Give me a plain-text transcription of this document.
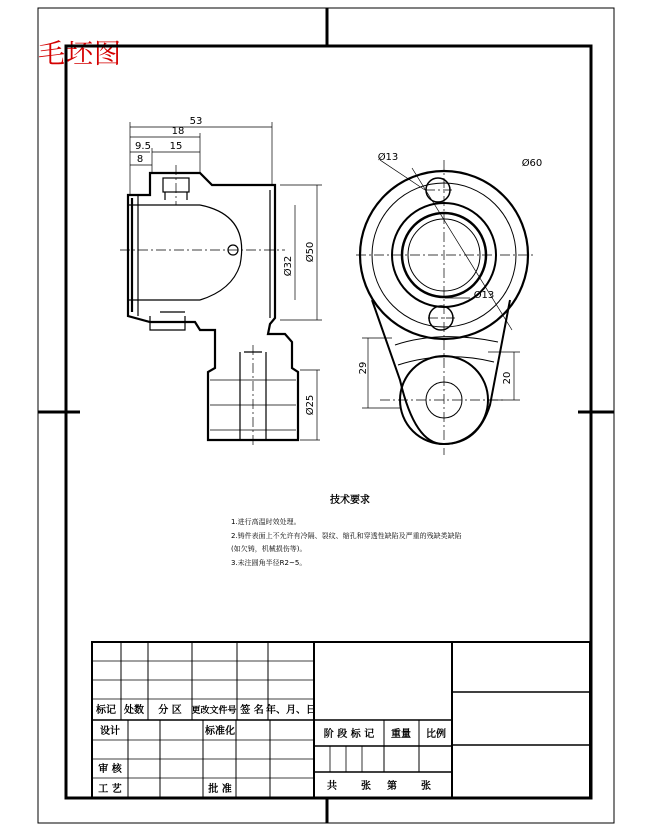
毛坯图
53
18
9.5 15
8
Ø32
Ø50
Ø25
Ø13
Ø60
Ø13
29
20
技术要求
1.进行高温时效处理。
2.铸件表面上不允许有冷隔、裂纹、缩孔和穿透性缺陷及严重的残缺类缺陷
(如欠铸，机械损伤等)。
3.未注圆角半径R2~5。
标记 处数 分 区 更改文件号 签 名 年、月、日
设计	标准化	阶 段 标 记 重量 比例
审 核
工 艺	批 准	共 张 第 张
